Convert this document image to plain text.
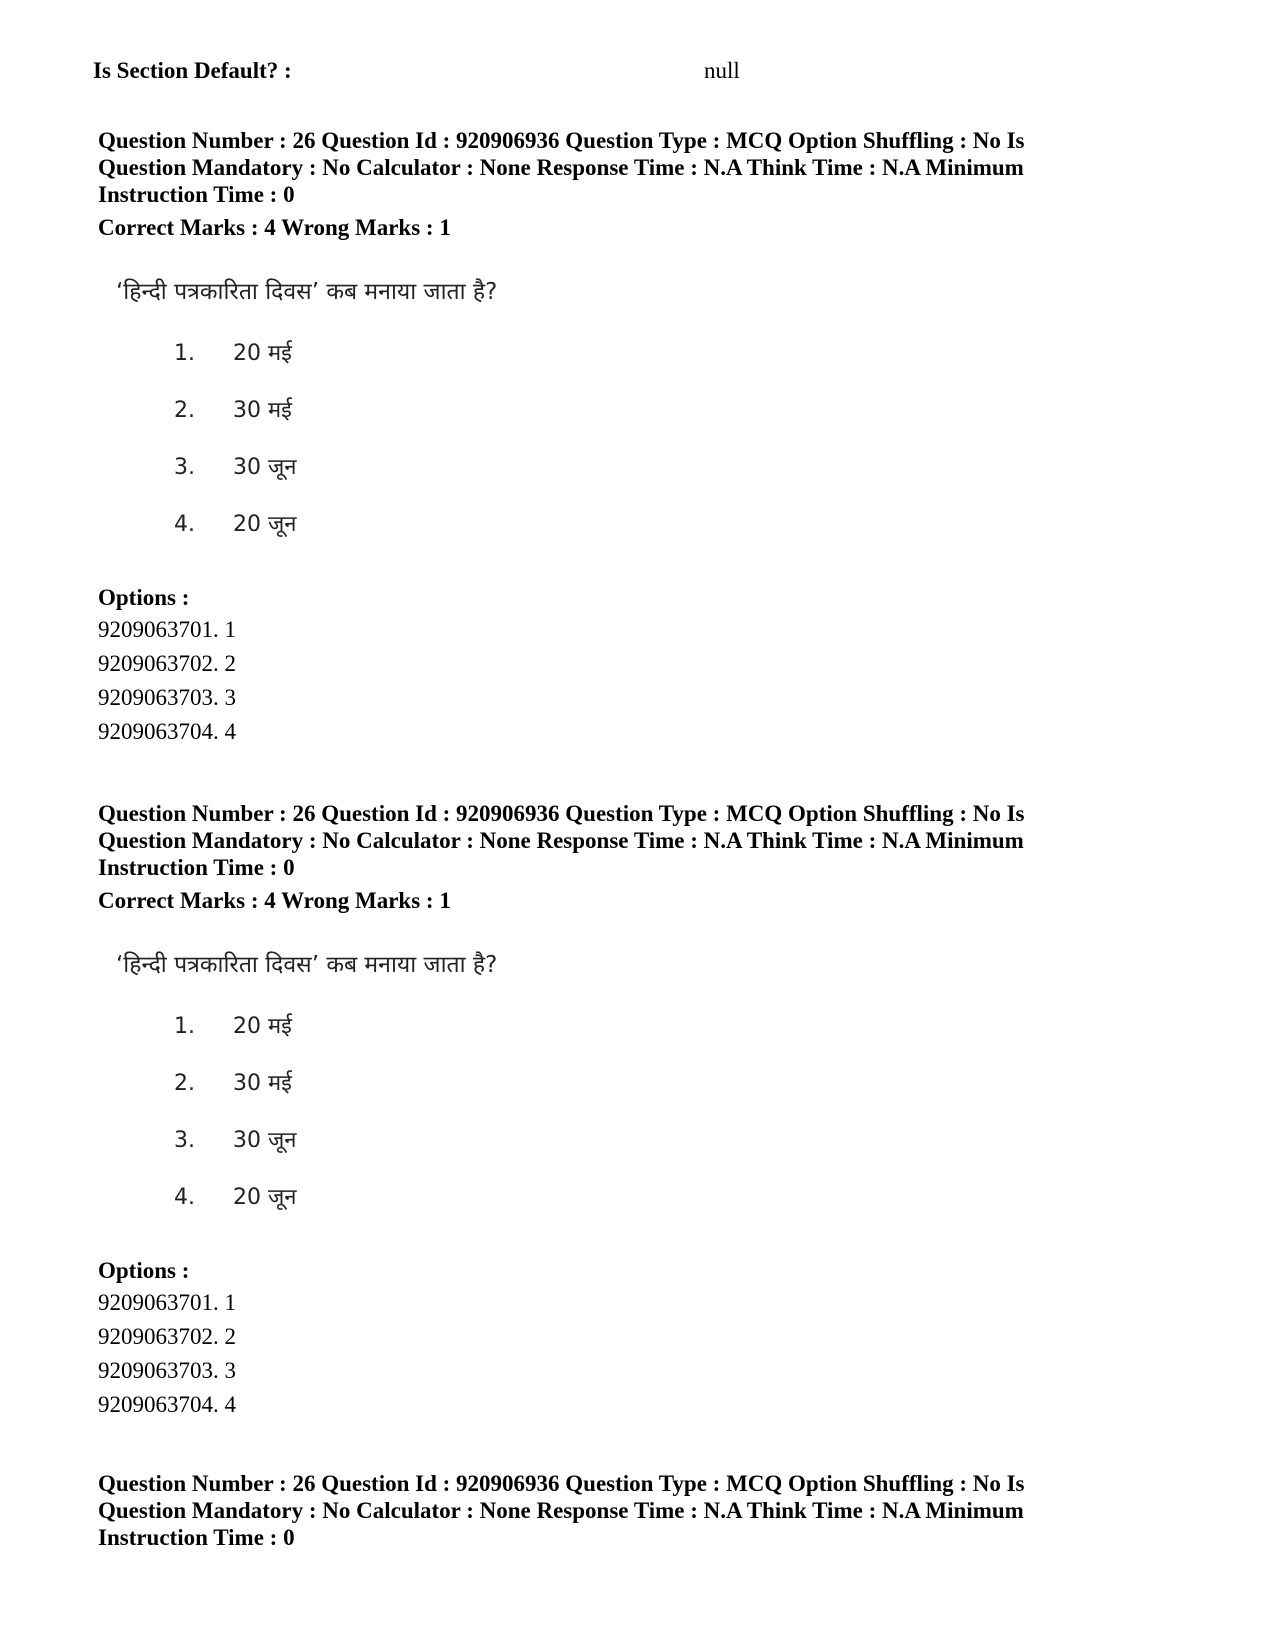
Is Section Default? :	null

Question Number : 26 Question Id : 920906936 Question Type : MCQ Option Shuffling : No Is Question Mandatory : No Calculator : None Response Time : N.A Think Time : N.A Minimum Instruction Time : 0

Correct Marks : 4 Wrong Marks : 1
‘हिन्दी पत्रकारिता दिवस’ कब मनाया जाता है?
1. 20 मई
2. 30 मई
3. 30 जून
4. 20 जून
Options :
9209063701. 1
9209063702. 2
9209063703. 3
9209063704. 4

Question Number : 26 Question Id : 920906936 Question Type : MCQ Option Shuffling : No Is Question Mandatory : No Calculator : None Response Time : N.A Think Time : N.A Minimum Instruction Time : 0

Correct Marks : 4 Wrong Marks : 1
‘हिन्दी पत्रकारिता दिवस’ कब मनाया जाता है?
1. 20 मई
2. 30 मई
3. 30 जून
4. 20 जून
Options :
9209063701. 1
9209063702. 2
9209063703. 3
9209063704. 4

Question Number : 26 Question Id : 920906936 Question Type : MCQ Option Shuffling : No Is Question Mandatory : No Calculator : None Response Time : N.A Think Time : N.A Minimum Instruction Time : 0
